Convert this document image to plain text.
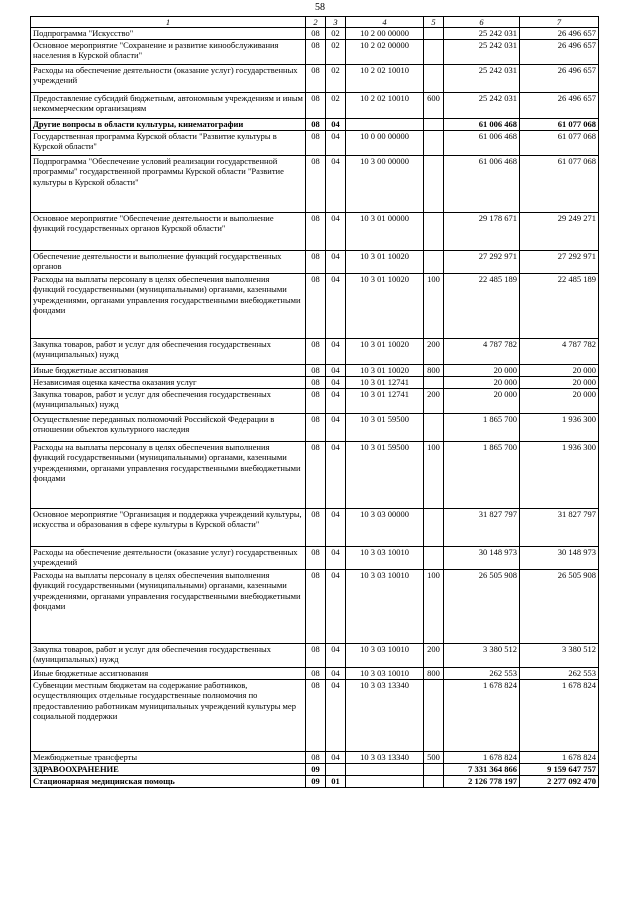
58
1	2	3	4	5	6	7
Подпрограмма "Искусство"	08	02	10 2 00 00000		25 242 031	26 496 657
Основное мероприятие "Сохранение и развитие кинообслуживания населения в Курской области"	08	02	10 2 02 00000		25 242 031	26 496 657
Расходы на обеспечение деятельности (оказание услуг) государственных учреждений	08	02	10 2 02 10010		25 242 031	26 496 657
Предоставление субсидий бюджетным, автономным учреждениям и иным некоммерческим организациям	08	02	10 2 02 10010	600	25 242 031	26 496 657
Другие вопросы в области культуры, кинематографии	08	04			61 006 468	61 077 068
Государственная программа Курской области "Развитие культуры в Курской области"	08	04	10 0 00 00000		61 006 468	61 077 068
Подпрограмма "Обеспечение условий реализации государственной программы" государственной программы Курской области "Развитие культуры в Курской области"	08	04	10 3 00 00000		61 006 468	61 077 068
Основное мероприятие "Обеспечение деятельности и выполнение функций государственных органов Курской области"	08	04	10 3 01 00000		29 178 671	29 249 271
Обеспечение деятельности и выполнение функций государственных органов	08	04	10 3 01 10020		27 292 971	27 292 971
Расходы на выплаты персоналу в целях обеспечения выполнения функций государственными (муниципальными) органами, казенными учреждениями, органами управления государственными внебюджетными фондами	08	04	10 3 01 10020	100	22 485 189	22 485 189
Закупка товаров, работ и услуг для обеспечения государственных (муниципальных) нужд	08	04	10 3 01 10020	200	4 787 782	4 787 782
Иные бюджетные ассигнования	08	04	10 3 01 10020	800	20 000	20 000
Независимая оценка качества оказания услуг	08	04	10 3 01 12741		20 000	20 000
Закупка товаров, работ и услуг для обеспечения государственных (муниципальных) нужд	08	04	10 3 01 12741	200	20 000	20 000
Осуществление переданных полномочий Российской Федерации в отношении объектов культурного наследия	08	04	10 3 01 59500		1 865 700	1 936 300
Расходы на выплаты персоналу в целях обеспечения выполнения функций государственными (муниципальными) органами, казенными учреждениями, органами управления государственными внебюджетными фондами	08	04	10 3 01 59500	100	1 865 700	1 936 300
Основное мероприятие "Организация и поддержка учреждений культуры, искусства и образования в сфере культуры в Курской области"	08	04	10 3 03 00000		31 827 797	31 827 797
Расходы на обеспечение деятельности (оказание услуг) государственных учреждений	08	04	10 3 03 10010		30 148 973	30 148 973
Расходы на выплаты персоналу в целях обеспечения выполнения функций государственными (муниципальными) органами, казенными учреждениями, органами управления государственными внебюджетными фондами	08	04	10 3 03 10010	100	26 505 908	26 505 908
Закупка товаров, работ и услуг для обеспечения государственных (муниципальных) нужд	08	04	10 3 03 10010	200	3 380 512	3 380 512
Иные бюджетные ассигнования	08	04	10 3 03 10010	800	262 553	262 553
Субвенции местным бюджетам на содержание работников, осуществляющих отдельные государственные полномочия по предоставлению работникам муниципальных учреждений культуры мер социальной поддержки	08	04	10 3 03 13340		1 678 824	1 678 824
Межбюджетные трансферты	08	04	10 3 03 13340	500	1 678 824	1 678 824
ЗДРАВООХРАНЕНИЕ	09				7 331 364 866	9 159 647 757
Стационарная медицинская помощь	09	01			2 126 778 197	2 277 092 470
